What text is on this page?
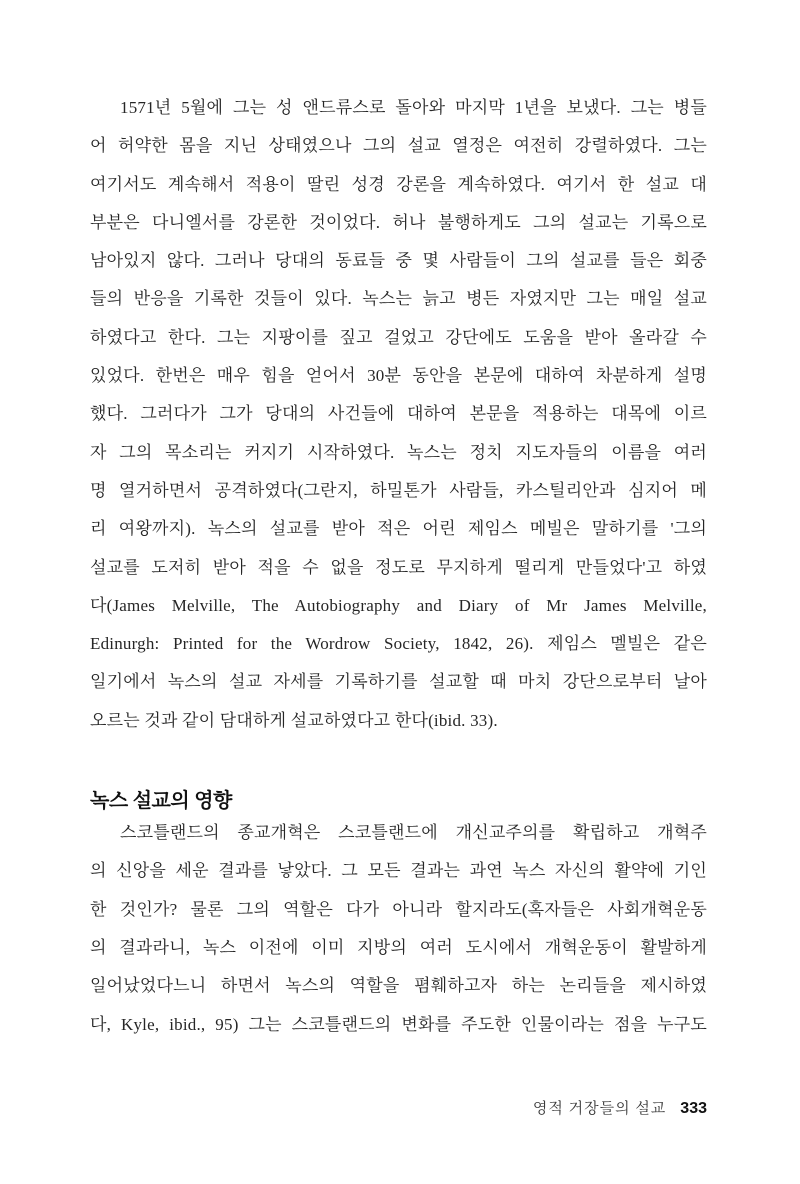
1571년 5월에 그는 성 앤드류스로 돌아와 마지막 1년을 보냈다. 그는 병들
어 허약한 몸을 지닌 상태였으나 그의 설교 열정은 여전히 강렬하였다. 그는
여기서도 계속해서 적용이 딸린 성경 강론을 계속하였다. 여기서 한 설교 대
부분은 다니엘서를 강론한 것이었다. 허나 불행하게도 그의 설교는 기록으로
남아있지 않다. 그러나 당대의 동료들 중 몇 사람들이 그의 설교를 들은 회중
들의 반응을 기록한 것들이 있다. 녹스는 늙고 병든 자였지만 그는 매일 설교
하였다고 한다. 그는 지팡이를 짚고 걸었고 강단에도 도움을 받아 올라갈 수
있었다. 한번은 매우 힘을 얻어서 30분 동안을 본문에 대하여 차분하게 설명
했다. 그러다가 그가 당대의 사건들에 대하여 본문을 적용하는 대목에 이르
자 그의 목소리는 커지기 시작하였다. 녹스는 정치 지도자들의 이름을 여러
명 열거하면서 공격하였다(그란지, 하밀톤가 사람들, 카스틸리안과 심지어 메
리 여왕까지). 녹스의 설교를 받아 적은 어린 제임스 메빌은 말하기를 '그의
설교를 도저히 받아 적을 수 없을 정도로 무지하게 떨리게 만들었다'고 하였
다(James Melville, The Autobiography and Diary of Mr James Melville,
Edinurgh: Printed for the Wordrow Society, 1842, 26). 제임스 멜빌은 같은
일기에서 녹스의 설교 자세를 기록하기를 설교할 때 마치 강단으로부터 날아
오르는 것과 같이 담대하게 설교하였다고 한다(ibid. 33).
녹스 설교의 영향
스코틀랜드의 종교개혁은 스코틀랜드에 개신교주의를 확립하고 개혁주
의 신앙을 세운 결과를 낳았다. 그 모든 결과는 과연 녹스 자신의 활약에 기인
한 것인가? 물론 그의 역할은 다가 아니라 할지라도(혹자들은 사회개혁운동
의 결과라니, 녹스 이전에 이미 지방의 여러 도시에서 개혁운동이 활발하게
일어났었다느니 하면서 녹스의 역할을 폄훼하고자 하는 논리들을 제시하였
다, Kyle, ibid., 95) 그는 스코틀랜드의 변화를 주도한 인물이라는 점을 누구도
영적 거장들의 설교 333
